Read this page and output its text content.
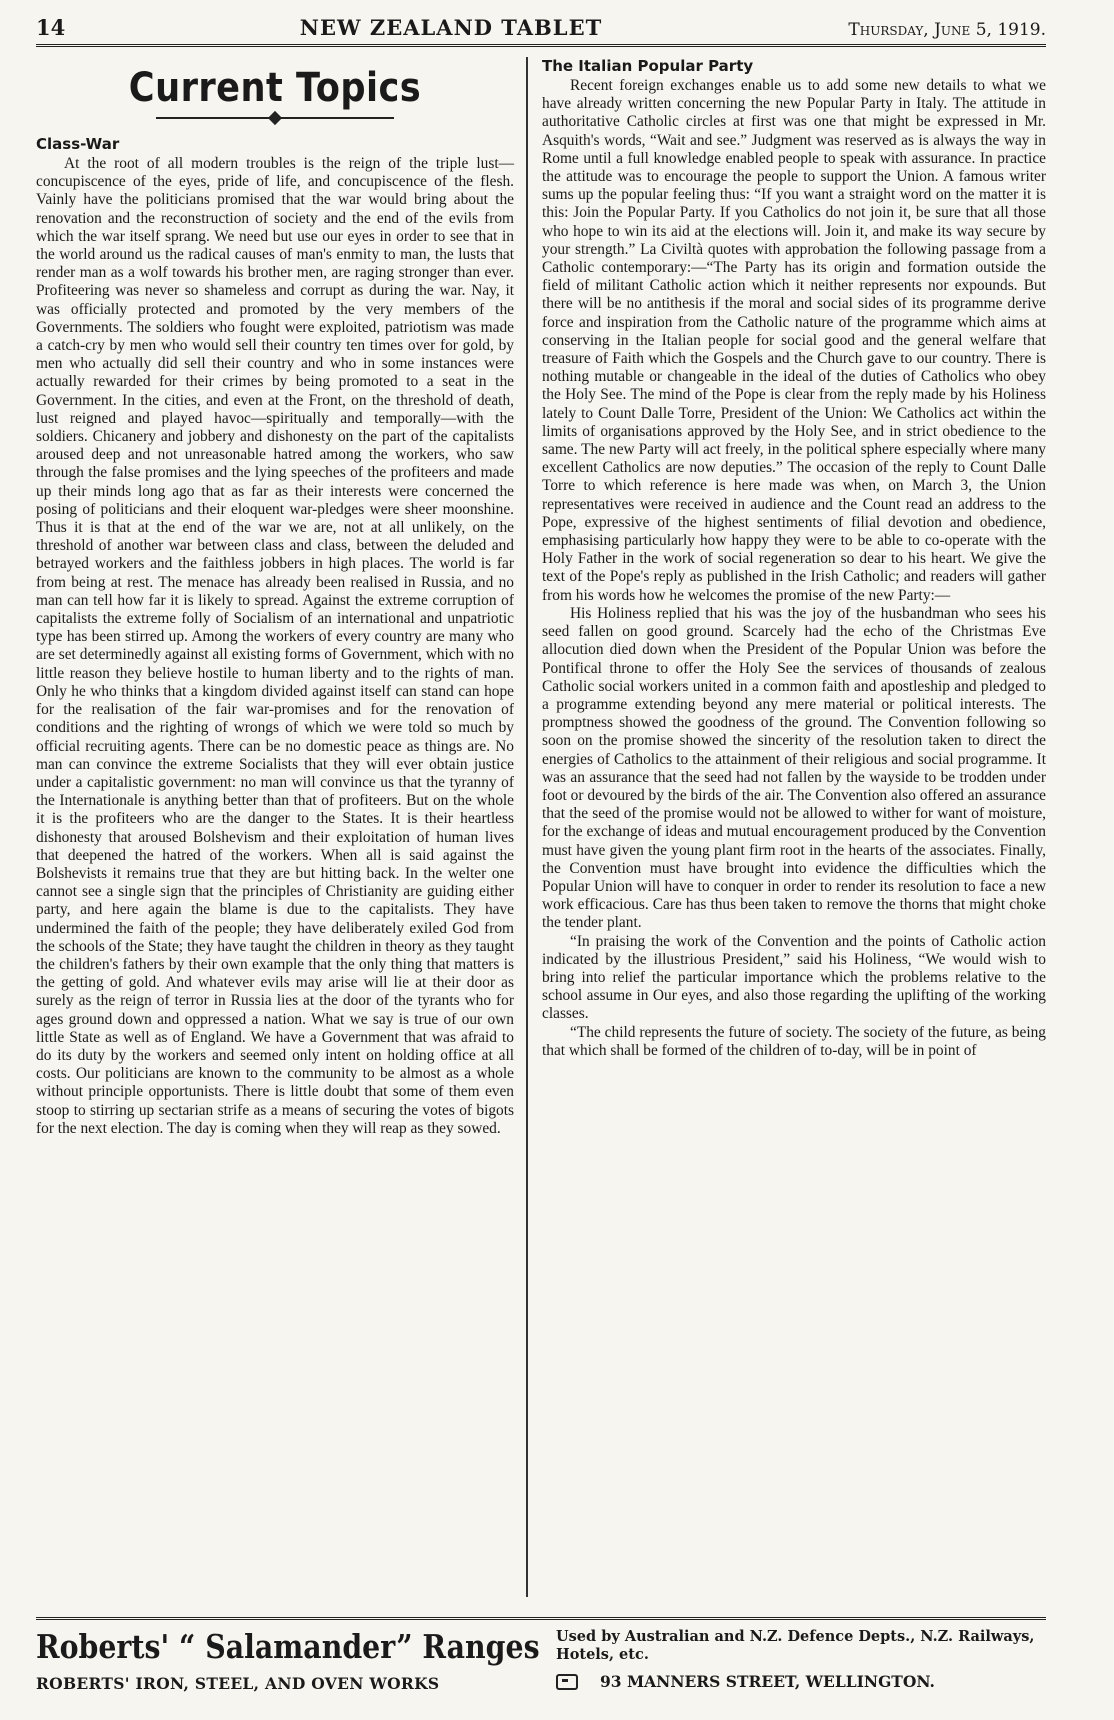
14	NEW ZEALAND TABLET	Thursday, June 5, 1919.
Current Topics
Class-War

At the root of all modern troubles is the reign of the triple lust—concupiscence of the eyes, pride of life, and concupiscence of the flesh. Vainly have the politicians promised that the war would bring about the renovation and the reconstruction of society and the end of the evils from which the war itself sprang. We need but use our eyes in order to see that in the world around us the radical causes of man's enmity to man, the lusts that render man as a wolf towards his brother men, are raging stronger than ever. Profiteering was never so shameless and corrupt as during the war. Nay, it was officially protected and promoted by the very members of the Governments. The soldiers who fought were exploited, patriotism was made a catch-cry by men who would sell their country ten times over for gold, by men who actually did sell their country and who in some instances were actually rewarded for their crimes by being promoted to a seat in the Government. In the cities, and even at the Front, on the threshold of death, lust reigned and played havoc—spiritually and temporally—with the soldiers. Chicanery and jobbery and dishonesty on the part of the capitalists aroused deep and not unreasonable hatred among the workers, who saw through the false promises and the lying speeches of the profiteers and made up their minds long ago that as far as their interests were concerned the posing of politicians and their eloquent war-pledges were sheer moonshine. Thus it is that at the end of the war we are, not at all unlikely, on the threshold of another war between class and class, between the deluded and betrayed workers and the faithless jobbers in high places. The world is far from being at rest. The menace has already been realised in Russia, and no man can tell how far it is likely to spread. Against the extreme corruption of capitalists the extreme folly of Socialism of an international and unpatriotic type has been stirred up. Among the workers of every country are many who are set determinedly against all existing forms of Government, which with no little reason they believe hostile to human liberty and to the rights of man. Only he who thinks that a kingdom divided against itself can stand can hope for the realisation of the fair war-promises and for the renovation of conditions and the righting of wrongs of which we were told so much by official recruiting agents. There can be no domestic peace as things are. No man can convince the extreme Socialists that they will ever obtain justice under a capitalistic government: no man will convince us that the tyranny of the Internationale is anything better than that of profiteers. But on the whole it is the profiteers who are the danger to the States. It is their heartless dishonesty that aroused Bolshevism and their exploitation of human lives that deepened the hatred of the workers. When all is said against the Bolshevists it remains true that they are but hitting back. In the welter one cannot see a single sign that the principles of Christianity are guiding either party, and here again the blame is due to the capitalists. They have undermined the faith of the people; they have deliberately exiled God from the schools of the State; they have taught the children in theory as they taught the children's fathers by their own example that the only thing that matters is the getting of gold. And whatever evils may arise will lie at their door as surely as the reign of terror in Russia lies at the door of the tyrants who for ages ground down and oppressed a nation. What we say is true of our own little State as well as of England. We have a Government that was afraid to do its duty by the workers and seemed only intent on holding office at all costs. Our politicians are known to the community to be almost as a whole without principle opportunists. There is little doubt that some of them even stoop to stirring up sectarian strife as a means of securing the votes of bigots for the next election. The day is coming when they will reap as they sowed.

The Italian Popular Party

Recent foreign exchanges enable us to add some new details to what we have already written concerning the new Popular Party in Italy. The attitude in authoritative Catholic circles at first was one that might be expressed in Mr. Asquith's words, “Wait and see.” Judgment was reserved as is always the way in Rome until a full knowledge enabled people to speak with assurance. In practice the attitude was to encourage the people to support the Union. A famous writer sums up the popular feeling thus: “If you want a straight word on the matter it is this: Join the Popular Party. If you Catholics do not join it, be sure that all those who hope to win its aid at the elections will. Join it, and make its way secure by your strength.” La Civiltà quotes with approbation the following passage from a Catholic contemporary:—“The Party has its origin and formation outside the field of militant Catholic action which it neither represents nor expounds. But there will be no antithesis if the moral and social sides of its programme derive force and inspiration from the Catholic nature of the programme which aims at conserving in the Italian people for social good and the general welfare that treasure of Faith which the Gospels and the Church gave to our country. There is nothing mutable or changeable in the ideal of the duties of Catholics who obey the Holy See. The mind of the Pope is clear from the reply made by his Holiness lately to Count Dalle Torre, President of the Union: We Catholics act within the limits of organisations approved by the Holy See, and in strict obedience to the same. The new Party will act freely, in the political sphere especially where many excellent Catholics are now deputies.” The occasion of the reply to Count Dalle Torre to which reference is here made was when, on March 3, the Union representatives were received in audience and the Count read an address to the Pope, expressive of the highest sentiments of filial devotion and obedience, emphasising particularly how happy they were to be able to co-operate with the Holy Father in the work of social regeneration so dear to his heart. We give the text of the Pope's reply as published in the Irish Catholic; and readers will gather from his words how he welcomes the promise of the new Party:—

His Holiness replied that his was the joy of the husbandman who sees his seed fallen on good ground. Scarcely had the echo of the Christmas Eve allocution died down when the President of the Popular Union was before the Pontifical throne to offer the Holy See the services of thousands of zealous Catholic social workers united in a common faith and apostleship and pledged to a programme extending beyond any mere material or political interests. The promptness showed the goodness of the ground. The Convention following so soon on the promise showed the sincerity of the resolution taken to direct the energies of Catholics to the attainment of their religious and social programme. It was an assurance that the seed had not fallen by the wayside to be trodden under foot or devoured by the birds of the air. The Convention also offered an assurance that the seed of the promise would not be allowed to wither for want of moisture, for the exchange of ideas and mutual encouragement produced by the Convention must have given the young plant firm root in the hearts of the associates. Finally, the Convention must have brought into evidence the difficulties which the Popular Union will have to conquer in order to render its resolution to face a new work efficacious. Care has thus been taken to remove the thorns that might choke the tender plant.

“In praising the work of the Convention and the points of Catholic action indicated by the illustrious President,” said his Holiness, “We would wish to bring into relief the particular importance which the problems relative to the school assume in Our eyes, and also those regarding the uplifting of the working classes.

“The child represents the future of society. The society of the future, as being that which shall be formed of the children of to-day, will be in point of

Roberts' “ Salamander” Ranges
ROBERTS' IRON, STEEL, AND OVEN WORKS
Used by Australian and N.Z. Defence Depts., N.Z. Railways, Hotels, etc.
93 MANNERS STREET, WELLINGTON.
